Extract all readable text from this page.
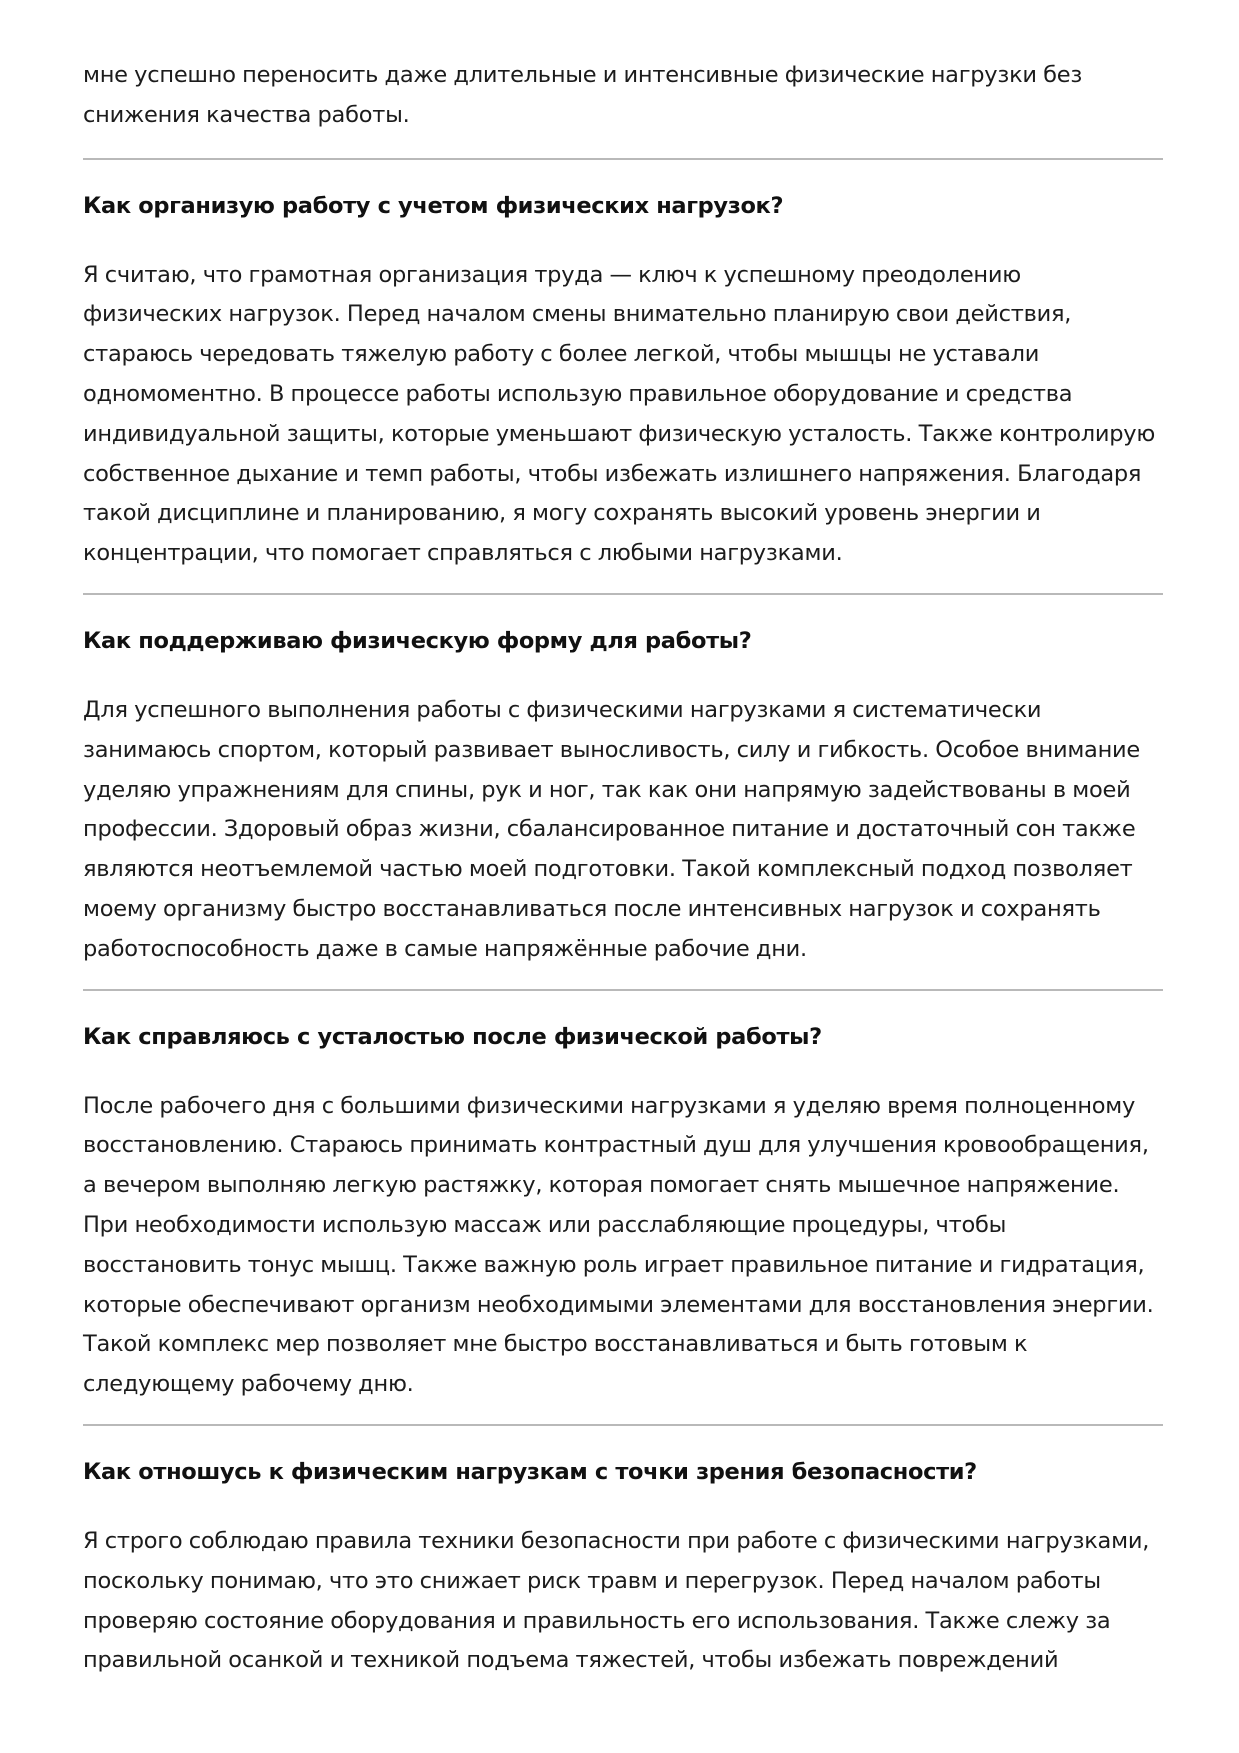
мне успешно переносить даже длительные и интенсивные физические нагрузки без снижения качества работы.

Как организую работу с учетом физических нагрузок?

Я считаю, что грамотная организация труда — ключ к успешному преодолению физических нагрузок. Перед началом смены внимательно планирую свои действия, стараюсь чередовать тяжелую работу с более легкой, чтобы мышцы не уставали одномоментно. В процессе работы использую правильное оборудование и средства индивидуальной защиты, которые уменьшают физическую усталость. Также контролирую собственное дыхание и темп работы, чтобы избежать излишнего напряжения. Благодаря такой дисциплине и планированию, я могу сохранять высокий уровень энергии и концентрации, что помогает справляться с любыми нагрузками.

Как поддерживаю физическую форму для работы?

Для успешного выполнения работы с физическими нагрузками я систематически занимаюсь спортом, который развивает выносливость, силу и гибкость. Особое внимание уделяю упражнениям для спины, рук и ног, так как они напрямую задействованы в моей профессии. Здоровый образ жизни, сбалансированное питание и достаточный сон также являются неотъемлемой частью моей подготовки. Такой комплексный подход позволяет моему организму быстро восстанавливаться после интенсивных нагрузок и сохранять работоспособность даже в самые напряжённые рабочие дни.

Как справляюсь с усталостью после физической работы?

После рабочего дня с большими физическими нагрузками я уделяю время полноценному восстановлению. Стараюсь принимать контрастный душ для улучшения кровообращения, а вечером выполняю легкую растяжку, которая помогает снять мышечное напряжение. При необходимости использую массаж или расслабляющие процедуры, чтобы восстановить тонус мышц. Также важную роль играет правильное питание и гидратация, которые обеспечивают организм необходимыми элементами для восстановления энергии. Такой комплекс мер позволяет мне быстро восстанавливаться и быть готовым к следующему рабочему дню.

Как отношусь к физическим нагрузкам с точки зрения безопасности?

Я строго соблюдаю правила техники безопасности при работе с физическими нагрузками, поскольку понимаю, что это снижает риск травм и перегрузок. Перед началом работы проверяю состояние оборудования и правильность его использования. Также слежу за правильной осанкой и техникой подъема тяжестей, чтобы избежать повреждений
